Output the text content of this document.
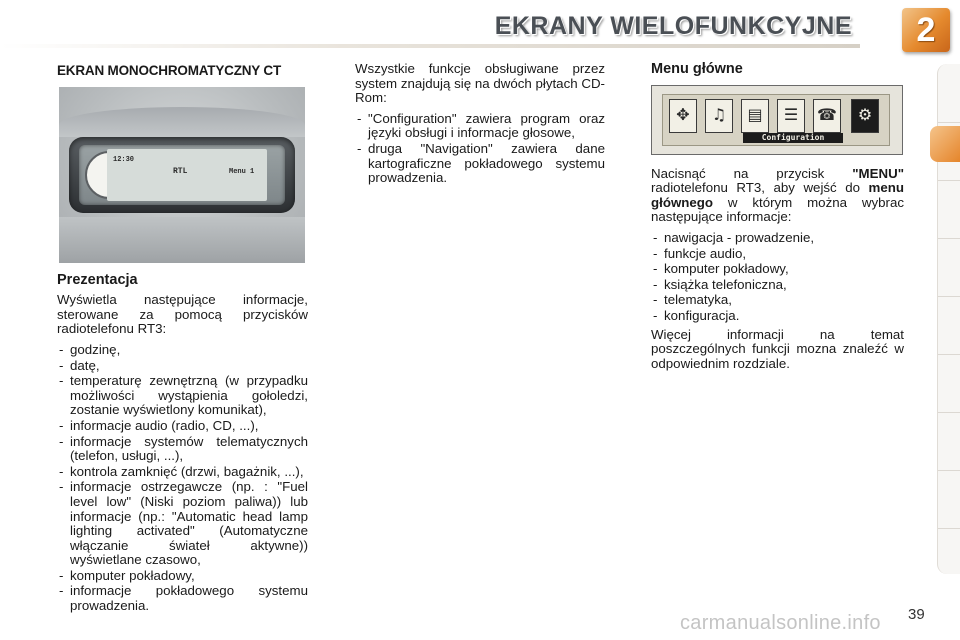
EKRANY WIELOFUNKCYJNE 2
EKRAN MONOCHROMATYCZNY CT
12:30
RTL	Menu 1
Prezentacja

Wyświetla następujące informacje, sterowane za pomocą przycisków radiotelefonu RT3:

- godzinę,
- datę,
- temperaturę zewnętrzną (w przypadku możliwości wystąpienia gołoledzi, zostanie wyświetlony komunikat),
- informacje audio (radio, CD, ...),
- informacje systemów telematycznych (telefon, usługi, ...),
- kontrola zamknięć (drzwi, bagażnik, ...),
- informacje ostrzegawcze (np. : "Fuel level low" (Niski poziom paliwa)) lub informacje (np.: "Automatic head lamp lighting activated" (Automatyczne włączanie świateł aktywne)) wyświetlane czasowo,
- komputer pokładowy,
- informacje pokładowego systemu prowadzenia.

Wszystkie funkcje obsługiwane przez system znajdują się na dwóch płytach CD-Rom:

- "Configuration" zawiera program oraz języki obsługi i informacje głosowe,
- druga "Navigation" zawiera dane kartograficzne pokładowego systemu prowadzenia.
Menu główne
✥	♫	▤	☰	☎	⚙
Configuration

Nacisnąć na przycisk "MENU" radiotelefonu RT3, aby wejść do menu głównego w którym można wybrac następujące informacje:

- nawigacja - prowadzenie,
- funkcje audio,
- komputer pokładowy,
- książka telefoniczna,
- telematyka,
- konfiguracja.

Więcej informacji na temat poszczególnych funkcji mozna znaleźć w odpowiednim rozdziale.

carmanualsonline.info 39
